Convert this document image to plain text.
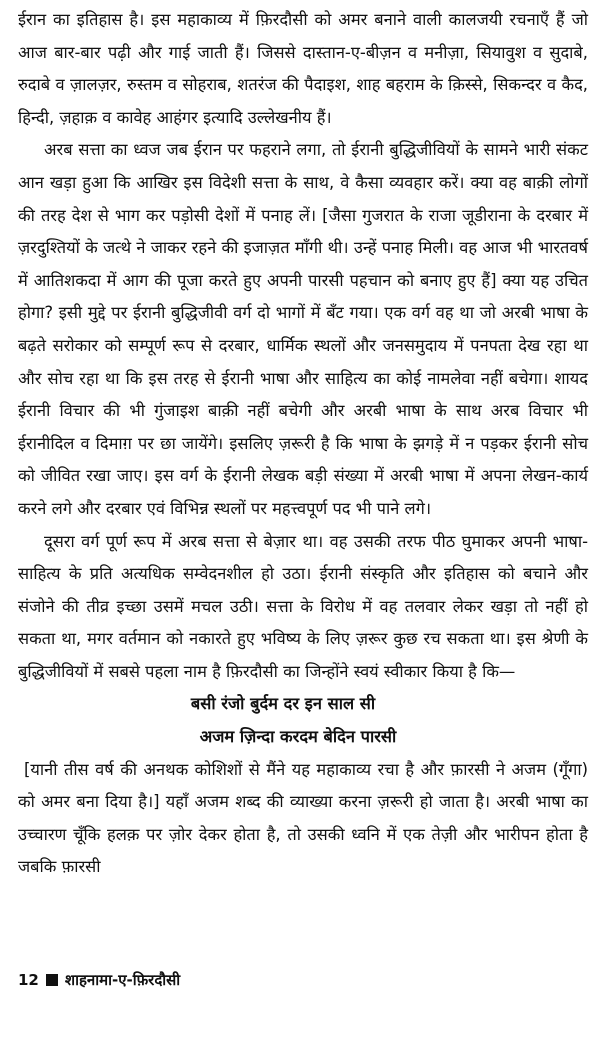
ईरान का इतिहास है। इस महाकाव्य में फ़िरदौसी को अमर बनाने वाली कालजयी रचनाएँ हैं जो आज बार-बार पढ़ी और गाई जाती हैं। जिससे दास्तान-ए-बीज़न व मनीज़ा, सियावुश व सुदाबे, रुदाबे व ज़ालज़र, रुस्तम व सोहराब, शतरंज की पैदाइश, शाह बहराम के क़िस्से, सिकन्दर व कैद, हिन्दी, ज़हाक़ व कावेह आहंगर इत्यादि उल्लेखनीय हैं।

अरब सत्ता का ध्वज जब ईरान पर फहराने लगा, तो ईरानी बुद्धिजीवियों के सामने भारी संकट आन खड़ा हुआ कि आखिर इस विदेशी सत्ता के साथ, वे कैसा व्यवहार करें। क्या वह बाक़ी लोगों की तरह देश से भाग कर पड़ोसी देशों में पनाह लें। [जैसा गुजरात के राजा जूडीराना के दरबार में ज़रदुश्तियों के जत्थे ने जाकर रहने की इजाज़त माँगी थी। उन्हें पनाह मिली। वह आज भी भारतवर्ष में आतिशकदा में आग की पूजा करते हुए अपनी पारसी पहचान को बनाए हुए हैं] क्या यह उचित होगा? इसी मुद्दे पर ईरानी बुद्धिजीवी वर्ग दो भागों में बँट गया। एक वर्ग वह था जो अरबी भाषा के बढ़ते सरोकार को सम्पूर्ण रूप से दरबार, धार्मिक स्थलों और जनसमुदाय में पनपता देख रहा था और सोच रहा था कि इस तरह से ईरानी भाषा और साहित्य का कोई नामलेवा नहीं बचेगा। शायद ईरानी विचार की भी गुंजाइश बाक़ी नहीं बचेगी और अरबी भाषा के साथ अरब विचार भी ईरानीदिल व दिमाग़ पर छा जायेंगे। इसलिए ज़रूरी है कि भाषा के झगड़े में न पड़कर ईरानी सोच को जीवित रखा जाए। इस वर्ग के ईरानी लेखक बड़ी संख्या में अरबी भाषा में अपना लेखन-कार्य करने लगे और दरबार एवं विभिन्न स्थलों पर महत्त्वपूर्ण पद भी पाने लगे।

दूसरा वर्ग पूर्ण रूप में अरब सत्ता से बेज़ार था। वह उसकी तरफ पीठ घुमाकर अपनी भाषा-साहित्य के प्रति अत्यधिक सम्वेदनशील हो उठा। ईरानी संस्कृति और इतिहास को बचाने और संजोने की तीव्र इच्छा उसमें मचल उठी। सत्ता के विरोध में वह तलवार लेकर खड़ा तो नहीं हो सकता था, मगर वर्तमान को नकारते हुए भविष्य के लिए ज़रूर कुछ रच सकता था। इस श्रेणी के बुद्धिजीवियों में सबसे पहला नाम है फ़िरदौसी का जिन्होंने स्वयं स्वीकार किया है कि—

बसी रंजो बुर्दम दर इन साल सी

अजम ज़िन्दा करदम बेदिन पारसी

[यानी तीस वर्ष की अनथक कोशिशों से मैंने यह महाकाव्य रचा है और फ़ारसी ने अजम (गूँगा) को अमर बना दिया है।] यहाँ अजम शब्द की व्याख्या करना ज़रूरी हो जाता है। अरबी भाषा का उच्चारण चूँकि हलक़ पर ज़ोर देकर होता है, तो उसकी ध्वनि में एक तेज़ी और भारीपन होता है जबकि फ़ारसी

12 शाहनामा-ए-फ़िरदौसी
